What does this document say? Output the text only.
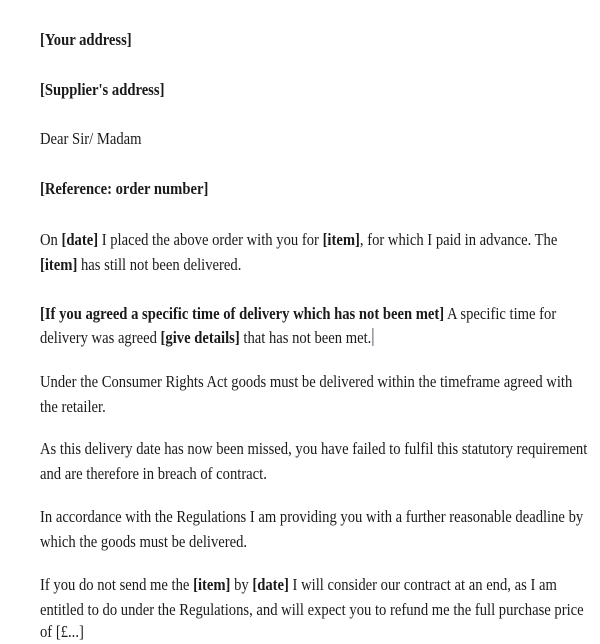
[Your address]
[Supplier's address]
Dear Sir/ Madam
[Reference: order number]
On [date] I placed the above order with you for [item], for which I paid in advance. The
[item] has still not been delivered.
[If you agreed a specific time of delivery which has not been met] A specific time for
delivery was agreed [give details] that has not been met.
Under the Consumer Rights Act goods must be delivered within the timeframe agreed with
the retailer.
As this delivery date has now been missed, you have failed to fulfil this statutory requirement
and are therefore in breach of contract.
In accordance with the Regulations I am providing you with a further reasonable deadline by
which the goods must be delivered.
If you do not send me the [item] by [date] I will consider our contract at an end, as I am
entitled to do under the Regulations, and will expect you to refund me the full purchase price
of [£...]
